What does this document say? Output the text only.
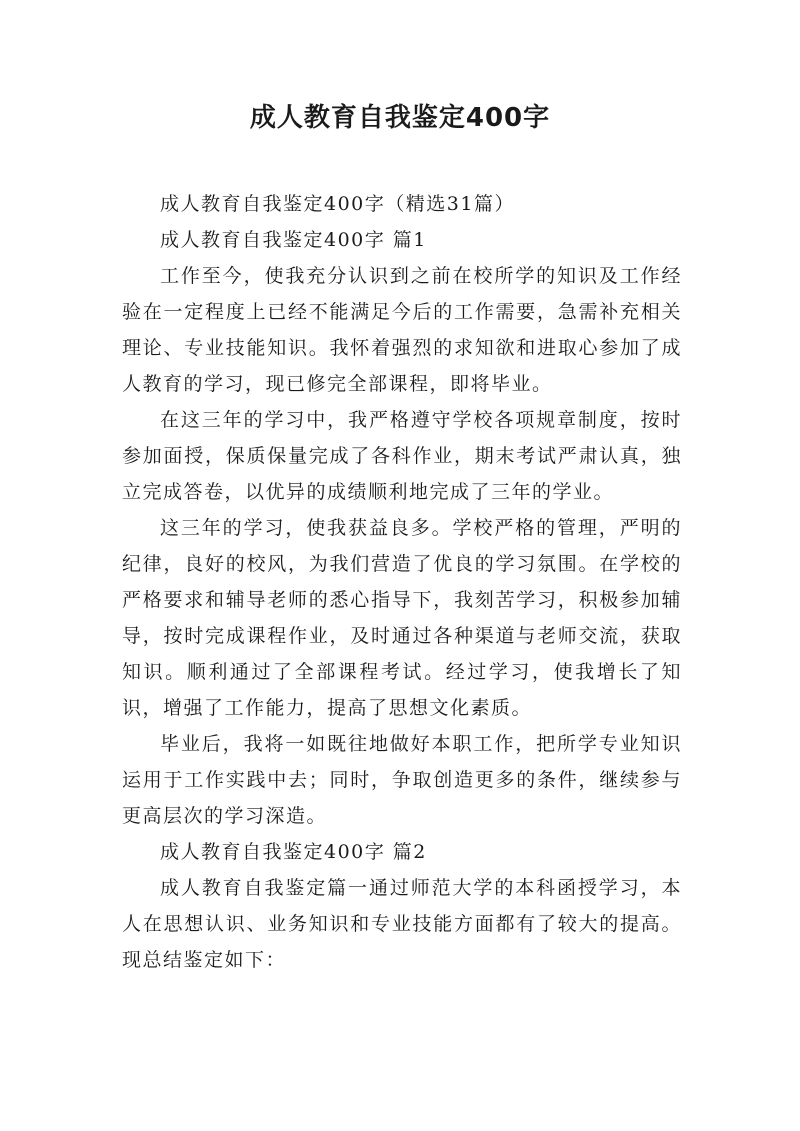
成人教育自我鉴定400字

成人教育自我鉴定400字（精选31篇）

成人教育自我鉴定400字 篇1

工作至今，使我充分认识到之前在校所学的知识及工作经验在一定程度上已经不能满足今后的工作需要，急需补充相关理论、专业技能知识。我怀着强烈的求知欲和进取心参加了成人教育的学习，现已修完全部课程，即将毕业。

在这三年的学习中，我严格遵守学校各项规章制度，按时参加面授，保质保量完成了各科作业，期末考试严肃认真，独立完成答卷，以优异的成绩顺利地完成了三年的学业。

这三年的学习，使我获益良多。学校严格的管理，严明的纪律，良好的校风，为我们营造了优良的学习氛围。在学校的严格要求和辅导老师的悉心指导下，我刻苦学习，积极参加辅导，按时完成课程作业，及时通过各种渠道与老师交流，获取知识。顺利通过了全部课程考试。经过学习，使我增长了知识，增强了工作能力，提高了思想文化素质。

毕业后，我将一如既往地做好本职工作，把所学专业知识运用于工作实践中去；同时，争取创造更多的条件，继续参与更高层次的学习深造。

成人教育自我鉴定400字 篇2

成人教育自我鉴定篇一通过师范大学的本科函授学习，本人在思想认识、业务知识和专业技能方面都有了较大的提高。现总结鉴定如下：
